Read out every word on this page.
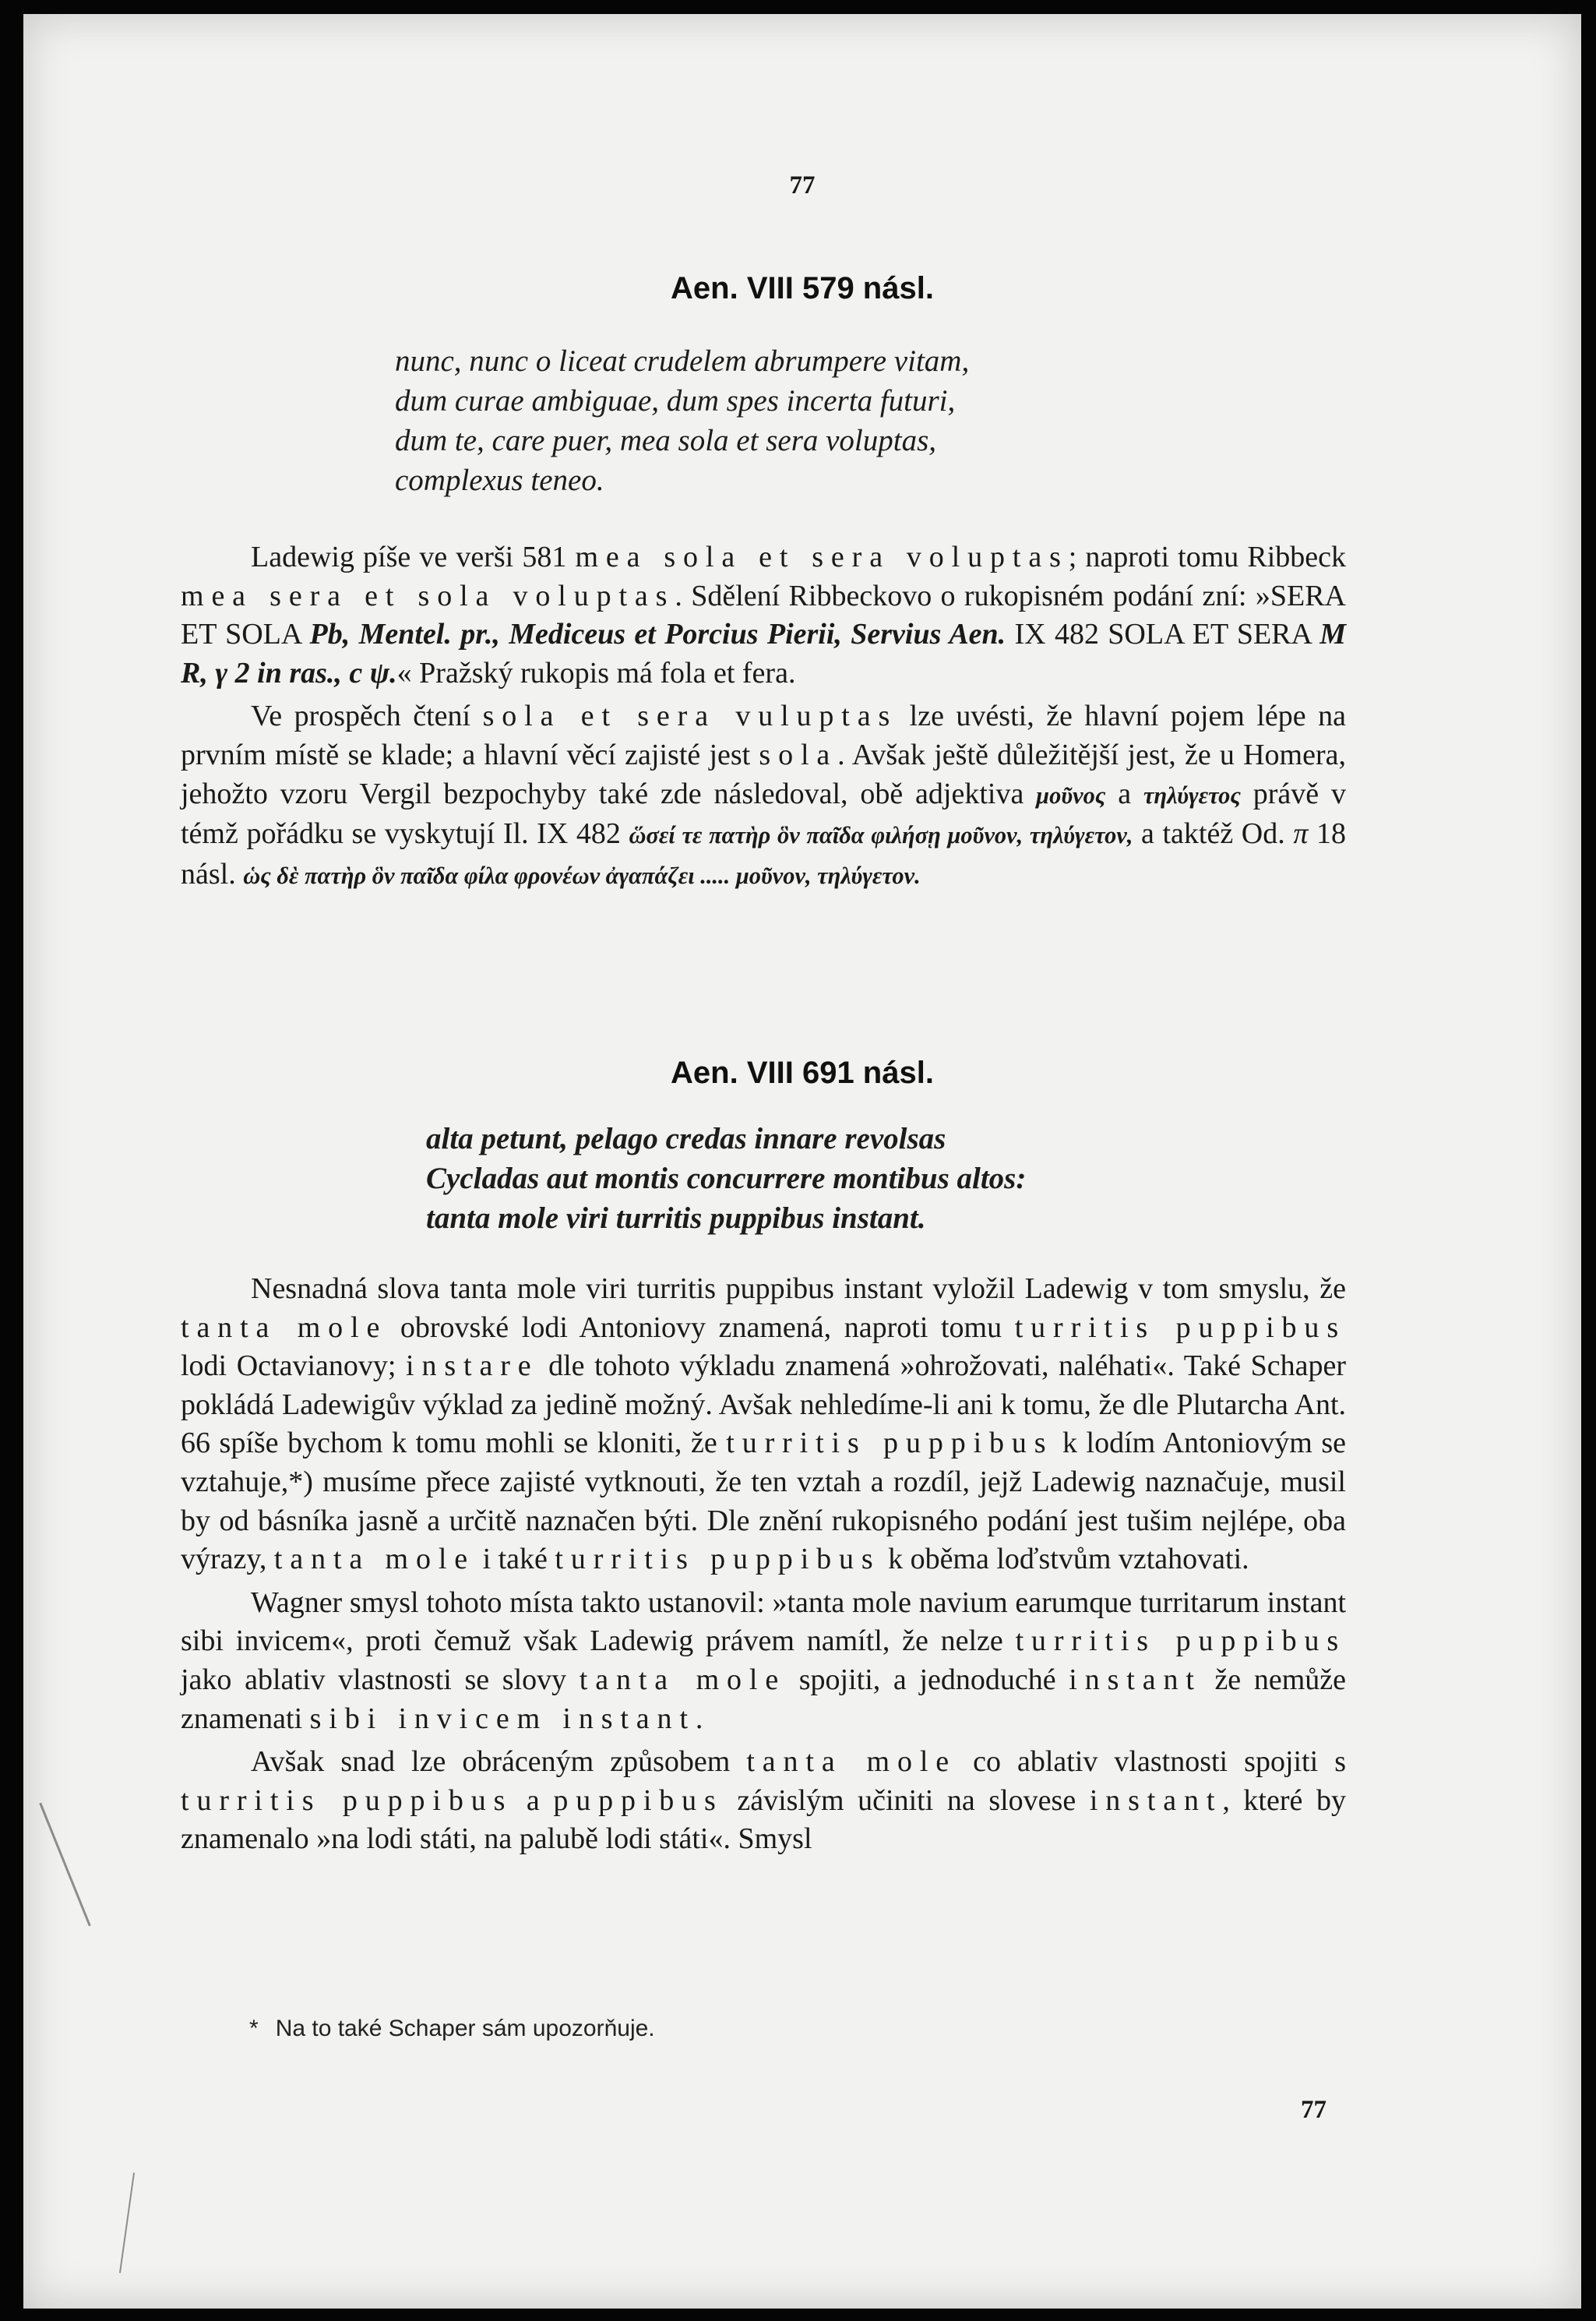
77
Aen. VIII 579 násl.
nunc, nunc o liceat crudelem abrumpere vitam,
dum curae ambiguae, dum spes incerta futuri,
dum te, care puer, mea sola et sera voluptas,
complexus teneo.

Ladewig píše ve verši 581 mea sola et sera voluptas; naproti tomu Ribbeck mea sera et sola voluptas. Sdělení Ribbeckovo o rukopisném podání zní: »SERA ET SOLA Pb, Mentel. pr., Mediceus et Porcius Pierii, Servius Aen. IX 482 SOLA ET SERA M R, γ 2 in ras., c ψ.« Pražský rukopis má fola et fera.

Ve prospěch čtení sola et sera vuluptas lze uvésti, že hlavní pojem lépe na prvním místě se klade; a hlavní věcí zajisté jest sola. Avšak ještě důležitější jest, že u Homera, jehožto vzoru Vergil bezpochyby také zde následoval, obě adjektiva μοῦνος a τηλύγετος právě v témž pořádku se vyskytují Il. IX 482 ὥσεί τε πατὴρ ὃν παῖδα φιλήσῃ μοῦνον, τηλύγετον, a taktéž Od. π 18 násl. ὡς δὲ πατὴρ ὃν παῖδα φίλα φρονέων ἀγαπάζει ..... μοῦνον, τηλύγετον.

Aen. VIII 691 násl.
alta petunt, pelago credas innare revolsas
Cycladas aut montis concurrere montibus altos:
tanta mole viri turritis puppibus instant.

Nesnadná slova tanta mole viri turritis puppibus instant vyložil Ladewig v tom smyslu, že tanta mole obrovské lodi Antoniovy znamená, naproti tomu turritis puppibus lodi Octavianovy; instare dle tohoto výkladu znamená »ohrožovati, naléhati«. Také Schaper pokládá Ladewigův výklad za jedině možný. Avšak nehledíme-li ani k tomu, že dle Plutarcha Ant. 66 spíše bychom k tomu mohli se kloniti, že turritis puppibus k lodím Antoniovým se vztahuje,*) musíme přece zajisté vytknouti, že ten vztah a rozdíl, jejž Ladewig naznačuje, musil by od básníka jasně a určitě naznačen býti. Dle znění rukopisného podání jest tušim nejlépe, oba výrazy, tanta mole i také turritis puppibus k oběma loďstvům vztahovati.

Wagner smysl tohoto místa takto ustanovil: »tanta mole navium earumque turritarum instant sibi invicem«, proti čemuž však Ladewig právem namítl, že nelze turritis puppibus jako ablativ vlastnosti se slovy tanta mole spojiti, a jednoduché instant že nemůže znamenati sibi invicem instant.

Avšak snad lze obráceným způsobem tanta mole co ablativ vlastnosti spojiti s turritis puppibus a puppibus závislým učiniti na slovese instant, které by znamenalo »na lodi státi, na palubě lodi státi«. Smysl

* Na to také Schaper sám upozorňuje.
77
